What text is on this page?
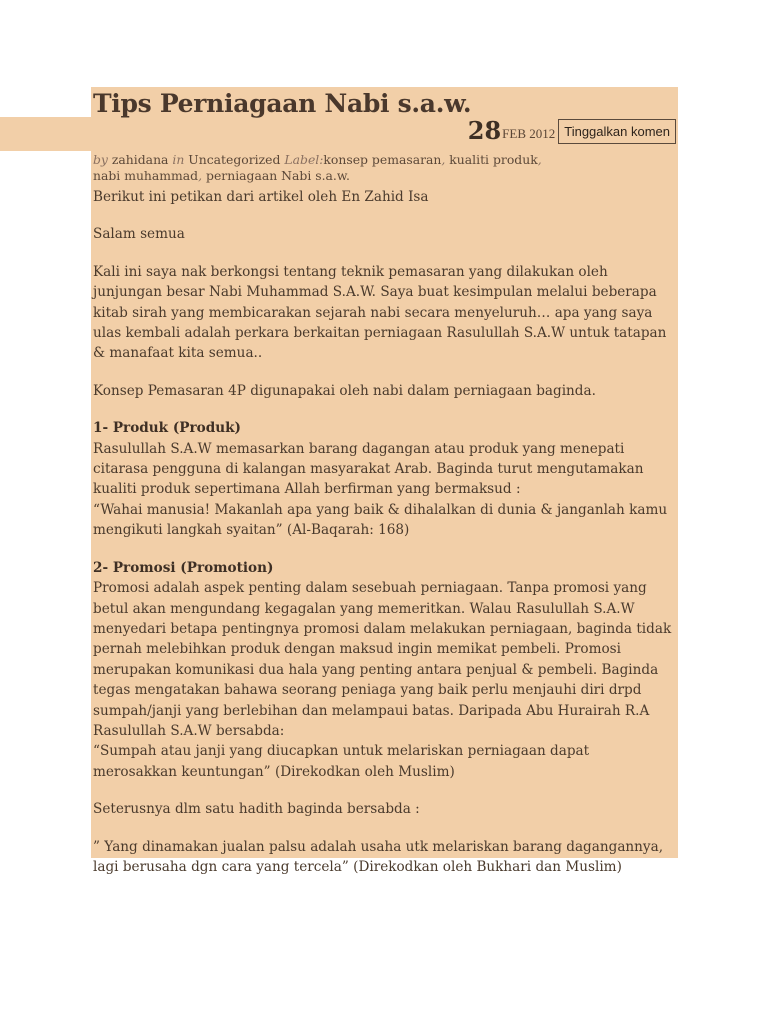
Tips Perniagaan Nabi s.a.w.
28 FEB 2012 Tinggalkan komen
by zahidana in Uncategorized Label:konsep pemasaran, kualiti produk, nabi muhammad, perniagaan Nabi s.a.w.

Berikut ini petikan dari artikel oleh En Zahid Isa

Salam semua

Kali ini saya nak berkongsi tentang teknik pemasaran yang dilakukan oleh junjungan besar Nabi Muhammad S.A.W. Saya buat kesimpulan melalui beberapa kitab sirah yang membicarakan sejarah nabi secara menyeluruh… apa yang saya ulas kembali adalah perkara berkaitan perniagaan Rasulullah S.A.W untuk tatapan & manafaat kita semua..

Konsep Pemasaran 4P digunapakai oleh nabi dalam perniagaan baginda.

1- Produk (Produk)
Rasulullah S.A.W memasarkan barang dagangan atau produk yang menepati citarasa pengguna di kalangan masyarakat Arab. Baginda turut mengutamakan kualiti produk sepertimana Allah berfirman yang bermaksud :

“Wahai manusia! Makanlah apa yang baik & dihalalkan di dunia & janganlah kamu mengikuti langkah syaitan” (Al-Baqarah: 168)

2- Promosi (Promotion)
Promosi adalah aspek penting dalam sesebuah perniagaan. Tanpa promosi yang betul akan mengundang kegagalan yang memeritkan. Walau Rasulullah S.A.W menyedari betapa pentingnya promosi dalam melakukan perniagaan, baginda tidak pernah melebihkan produk dengan maksud ingin memikat pembeli. Promosi merupakan komunikasi dua hala yang penting antara penjual & pembeli. Baginda tegas mengatakan bahawa seorang peniaga yang baik perlu menjauhi diri drpd sumpah/janji yang berlebihan dan melampaui batas. Daripada Abu Hurairah R.A Rasulullah S.A.W bersabda:

“Sumpah atau janji yang diucapkan untuk melariskan perniagaan dapat merosakkan keuntungan” (Direkodkan oleh Muslim)

Seterusnya dlm satu hadith baginda bersabda :

” Yang dinamakan jualan palsu adalah usaha utk melariskan barang dagangannya, lagi berusaha dgn cara yang tercela” (Direkodkan oleh Bukhari dan Muslim)
